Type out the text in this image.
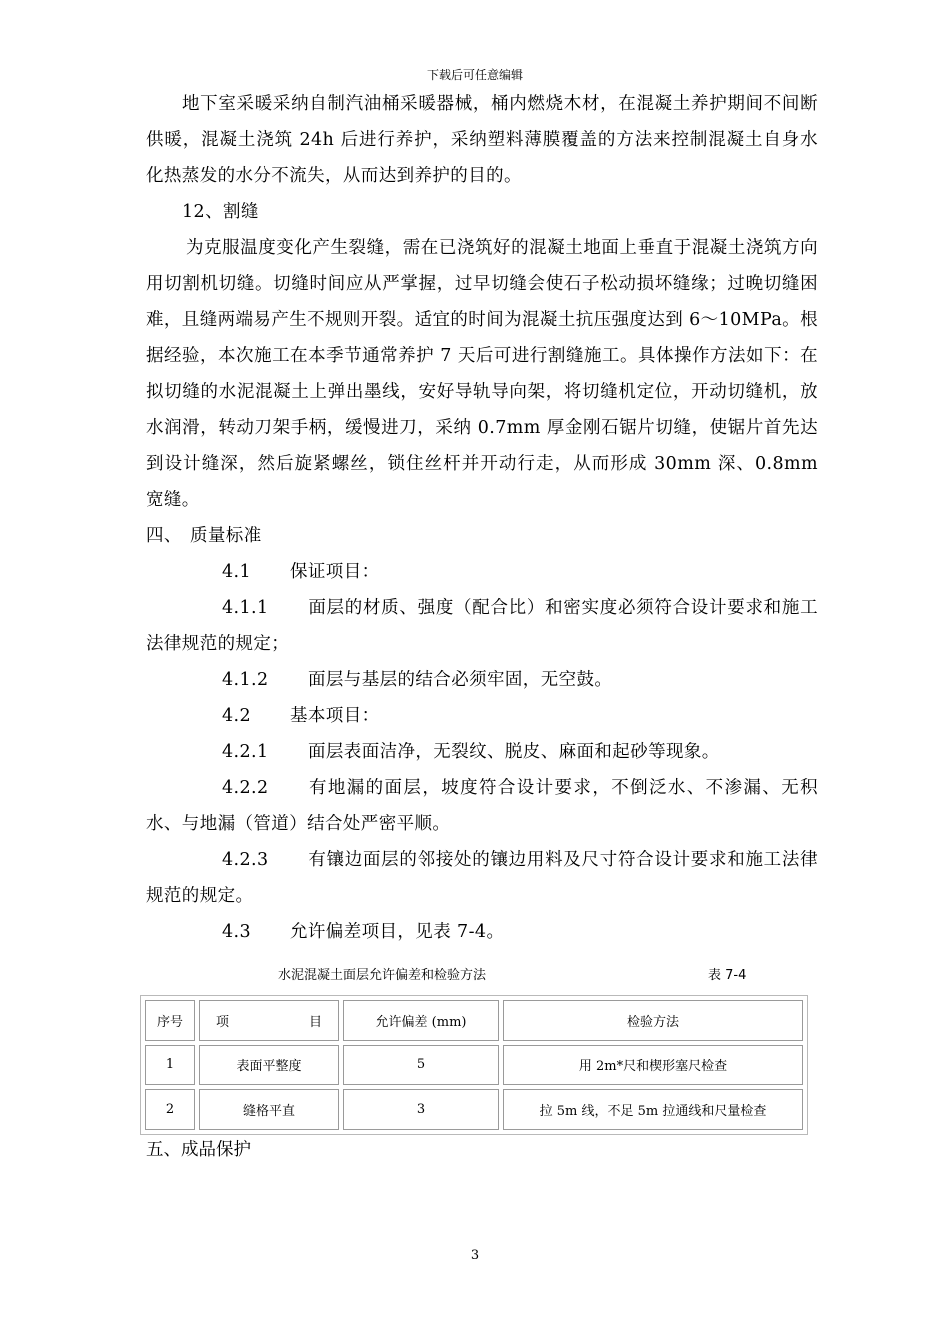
下载后可任意编辑

地下室采暖采纳自制汽油桶采暖器械，桶内燃烧木材，在混凝土养护期间不间断供暖，混凝土浇筑 24h 后进行养护，采纳塑料薄膜覆盖的方法来控制混凝土自身水化热蒸发的水分不流失，从而达到养护的目的。

12、割缝

为克服温度变化产生裂缝，需在已浇筑好的混凝土地面上垂直于混凝土浇筑方向用切割机切缝。切缝时间应从严掌握，过早切缝会使石子松动损坏缝缘；过晚切缝困难，且缝两端易产生不规则开裂。适宜的时间为混凝土抗压强度达到 6～10MPa。根据经验，本次施工在本季节通常养护 7 天后可进行割缝施工。具体操作方法如下：在拟切缝的水泥混凝土上弹出墨线，安好导轨导向架，将切缝机定位，开动切缝机，放水润滑，转动刀架手柄，缓慢进刀，采纳 0.7mm 厚金刚石锯片切缝，使锯片首先达到设计缝深，然后旋紧螺丝，锁住丝杆并开动行走，从而形成 30mm 深、0.8mm 宽缝。

四、 质量标准

4.1 保证项目：

4.1.1 面层的材质、强度（配合比）和密实度必须符合设计要求和施工法律规范的规定；

4.1.2 面层与基层的结合必须牢固，无空鼓。

4.2 基本项目：

4.2.1 面层表面洁净，无裂纹、脱皮、麻面和起砂等现象。

4.2.2 有地漏的面层，坡度符合设计要求，不倒泛水、不渗漏、无积水、与地漏（管道）结合处严密平顺。

4.2.3 有镶边面层的邻接处的镶边用料及尺寸符合设计要求和施工法律规范的规定。

4.3 允许偏差项目，见表 7-4。

水泥混凝土面层允许偏差和检验方法	表 7-4
序号	项 目	允许偏差 (mm)	检验方法
1	表面平整度	5	用 2m*尺和楔形塞尺检查
2	缝格平直	3	拉 5m 线，不足 5m 拉通线和尺量检查
五、成品保护
3
